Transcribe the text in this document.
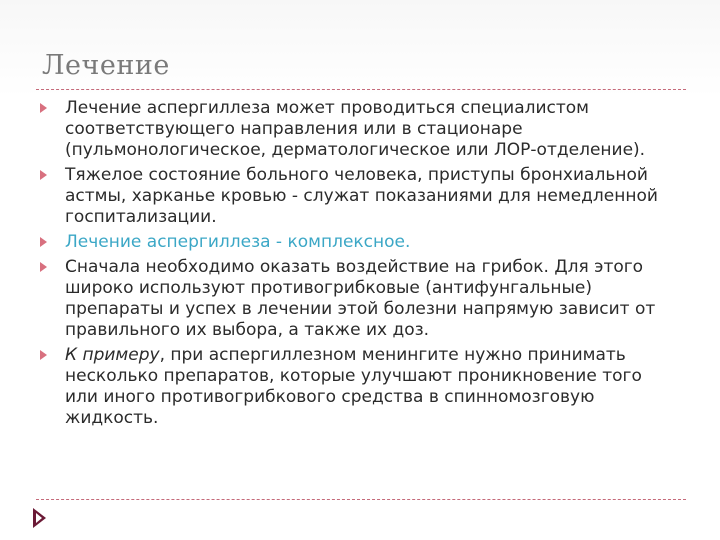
Лечение
Лечение аспергиллеза может проводиться специалистом соответствующего направления или в стационаре (пульмонологическое, дерматологическое или ЛОР-отделение).
Тяжелое состояние больного человека, приступы бронхиальной астмы, харканье кровью - служат показаниями для немедленной госпитализации.
Лечение аспергиллеза - комплексное.
Сначала необходимо оказать воздействие на грибок. Для этого широко используют противогрибковые (антифунгальные) препараты и успех в лечении этой болезни напрямую зависит от правильного их выбора, а также их доз.
К примеру, при аспергиллезном менингите нужно принимать несколько препаратов, которые улучшают проникновение того или иного противогрибкового средства в спинномозговую жидкость.
